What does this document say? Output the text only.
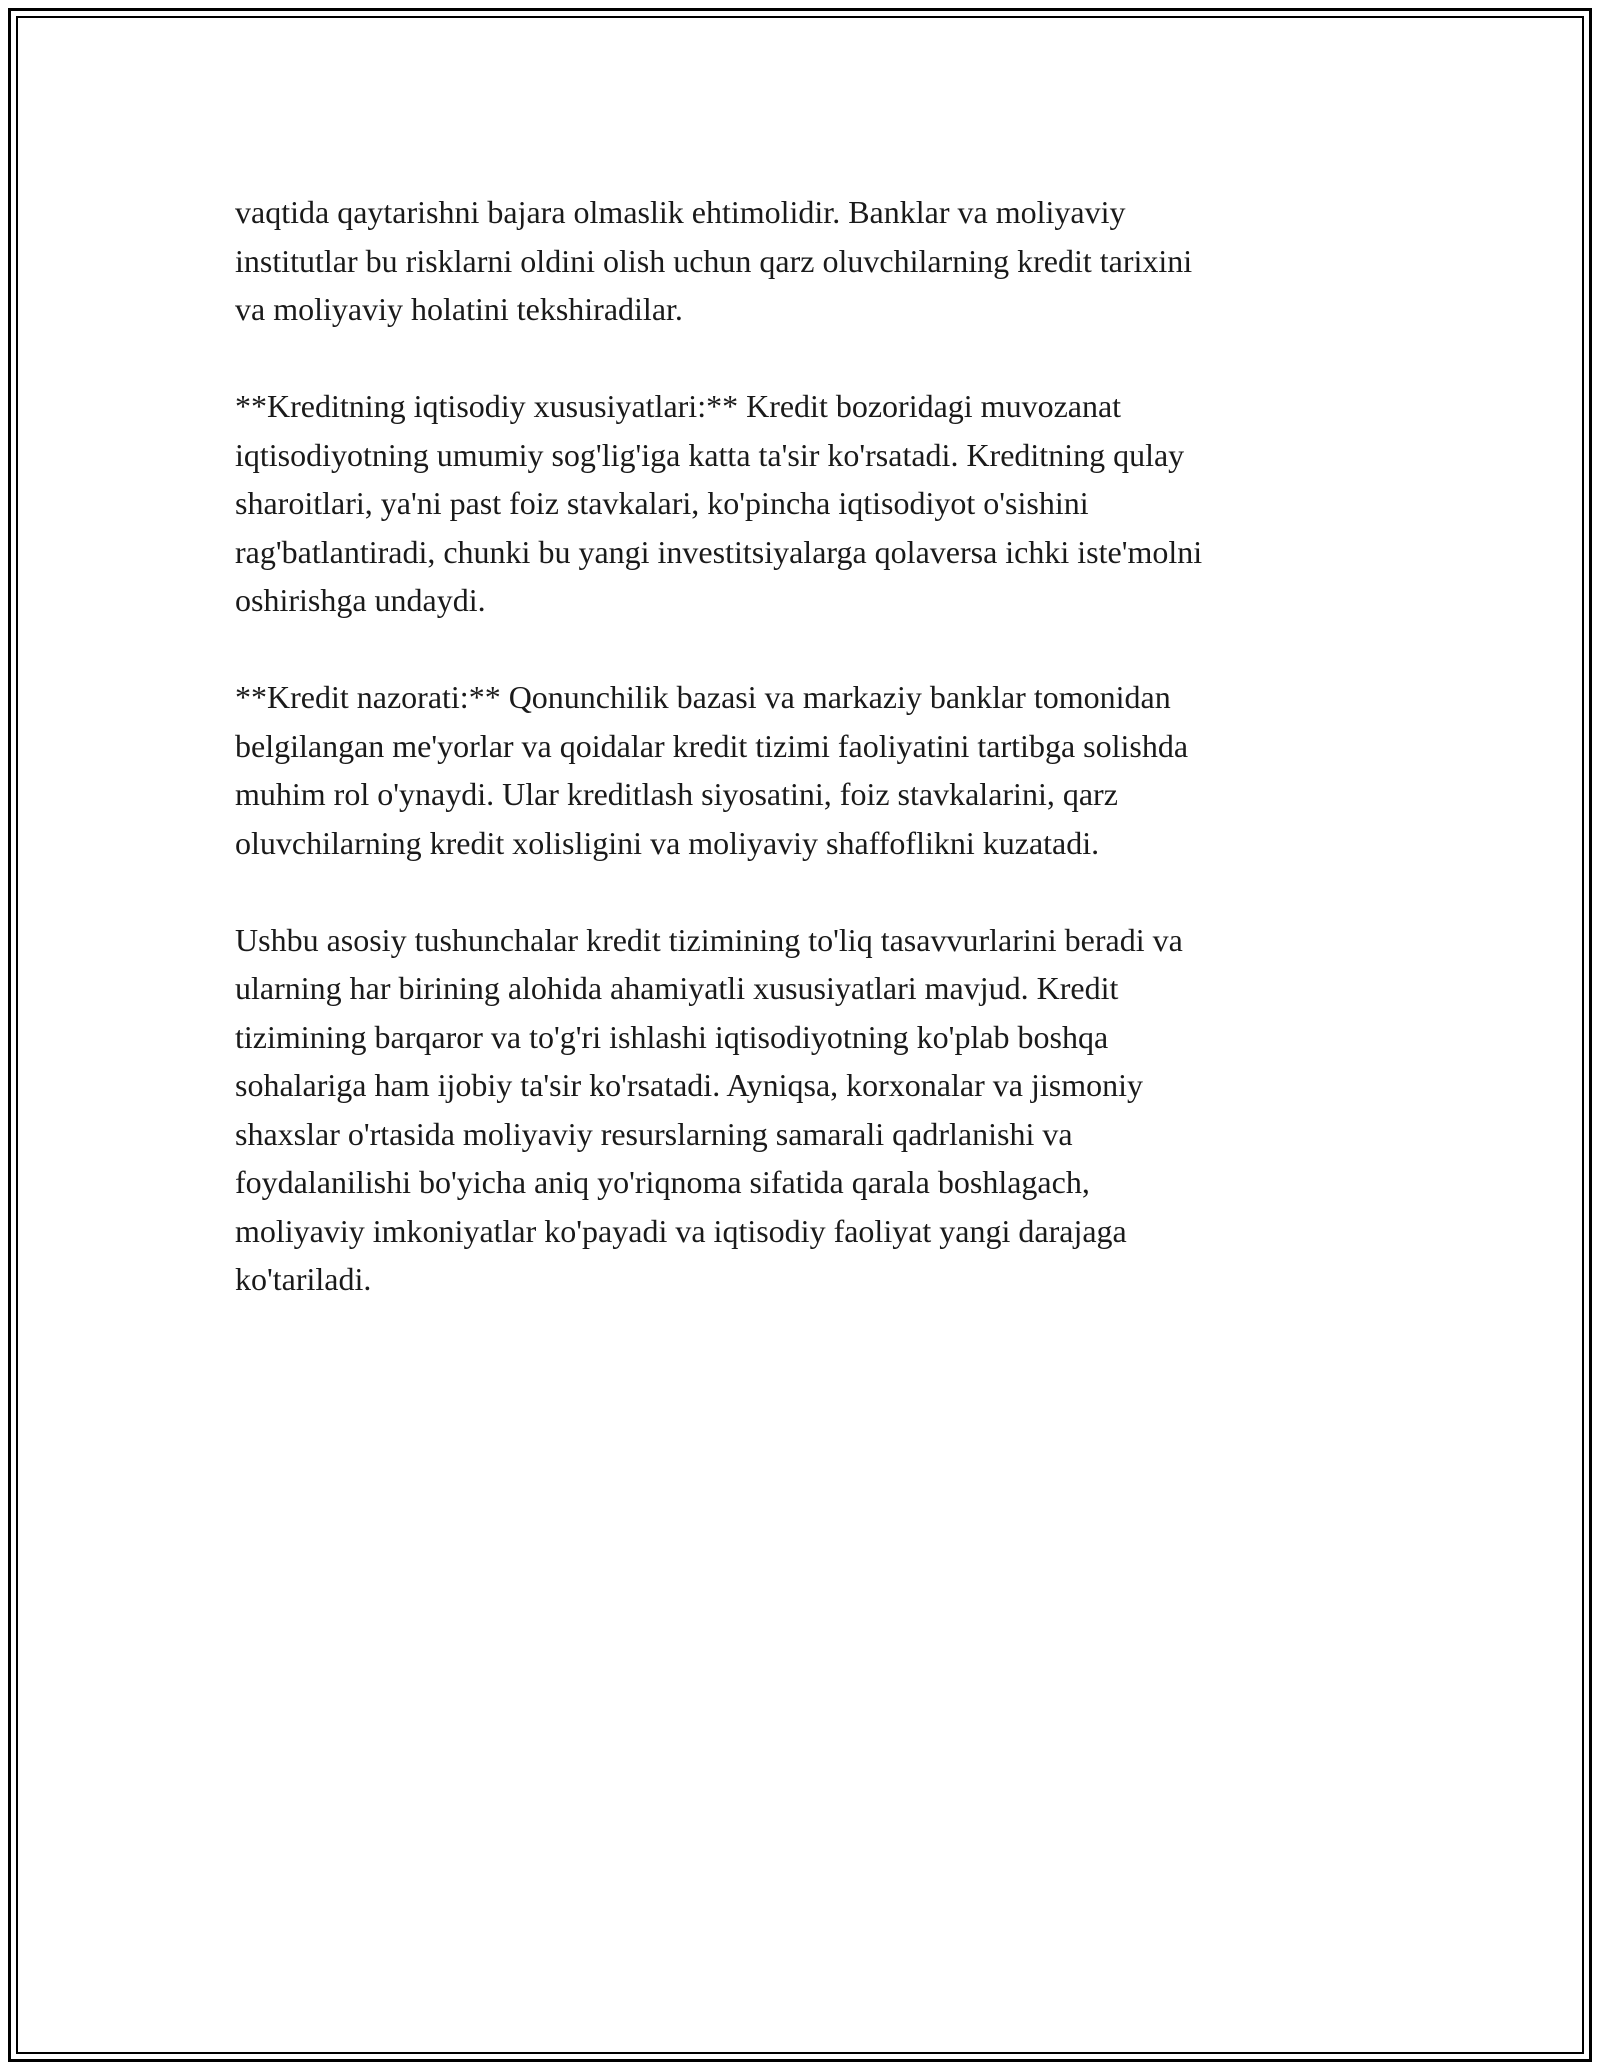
vaqtida qaytarishni bajara olmaslik ehtimolidir. Banklar va moliyaviy
institutlar bu risklarni oldini olish uchun qarz oluvchilarning kredit tarixini
va moliyaviy holatini tekshiradilar.

**Kreditning iqtisodiy xususiyatlari:** Kredit bozoridagi muvozanat
iqtisodiyotning umumiy sog'lig'iga katta ta'sir ko'rsatadi. Kreditning qulay
sharoitlari, ya'ni past foiz stavkalari, ko'pincha iqtisodiyot o'sishini
rag'batlantiradi, chunki bu yangi investitsiyalarga qolaversa ichki iste'molni
oshirishga undaydi.

**Kredit nazorati:** Qonunchilik bazasi va markaziy banklar tomonidan
belgilangan me'yorlar va qoidalar kredit tizimi faoliyatini tartibga solishda
muhim rol o'ynaydi. Ular kreditlash siyosatini, foiz stavkalarini, qarz
oluvchilarning kredit xolisligini va moliyaviy shaffoflikni kuzatadi.

Ushbu asosiy tushunchalar kredit tizimining to'liq tasavvurlarini beradi va
ularning har birining alohida ahamiyatli xususiyatlari mavjud. Kredit
tizimining barqaror va to'g'ri ishlashi iqtisodiyotning ko'plab boshqa
sohalariga ham ijobiy ta'sir ko'rsatadi. Ayniqsa, korxonalar va jismoniy
shaxslar o'rtasida moliyaviy resurslarning samarali qadrlanishi va
foydalanilishi bo'yicha aniq yo'riqnoma sifatida qarala boshlagach,
moliyaviy imkoniyatlar ko'payadi va iqtisodiy faoliyat yangi darajaga
ko'tariladi.
